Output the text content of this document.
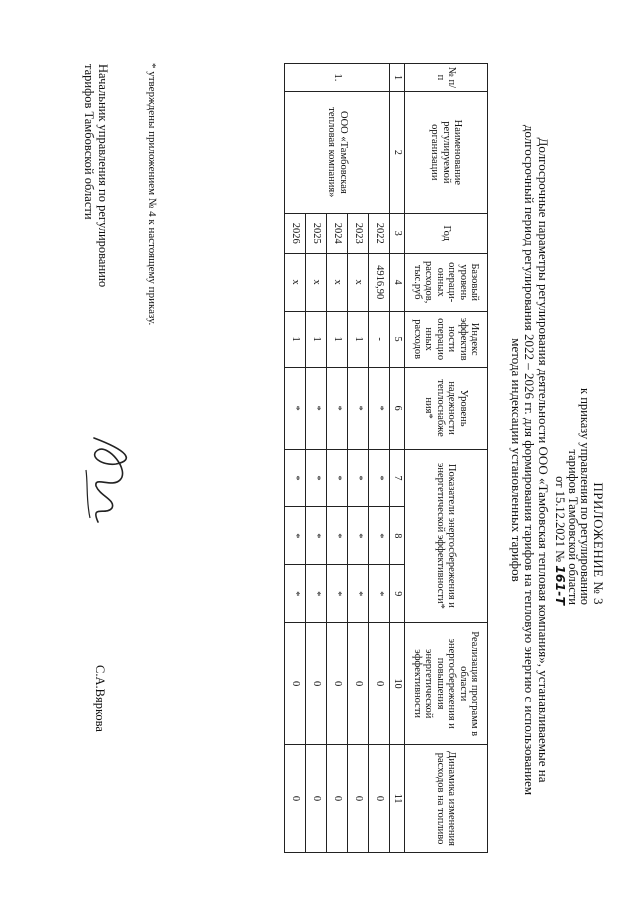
ПРИЛОЖЕНИЕ № 3
к приказу управления по регулированию
тарифов Тамбовской области
от 15.12.2021 № 161-Т
Долгосрочные параметры регулирования деятельности ООО «Тамбовская тепловая компания», устанавливаемые на
долгосрочный период регулирования 2022 – 2026 гг. для формирования тарифов на тепловую энергию с использованием
метода индексации установленных тарифов
№ п/п	Наименование регулируемой организации	Год	Базовый уровень операци-онных расходов, тыс.руб	Индекс эффектив ности операцио нных расходов	Уровень надежности теплоснабже ния*	Показатели энергосбережения и энергетической эффективности*			Реализация программ в области энергосбережения и повышения энергетической эффективности	Динамика изменения расходов на топливо
1	2	3	4	5	6	7	8	9	10	11
1.	ООО «Тамбовская тепловая компания»	2022	4916,90	-	*	*	*	*	0	0
		2023	х	1	*	*	*	*	0	0
		2024	х	1	*	*	*	*	0	0
		2025	х	1	*	*	*	*	0	0
		2026	х	1	*	*	*	*	0	0
* утверждены приложением № 4 к настоящему приказу.
Начальник управления по регулированию
тарифов Тамбовской области
С.А.Вяркова
